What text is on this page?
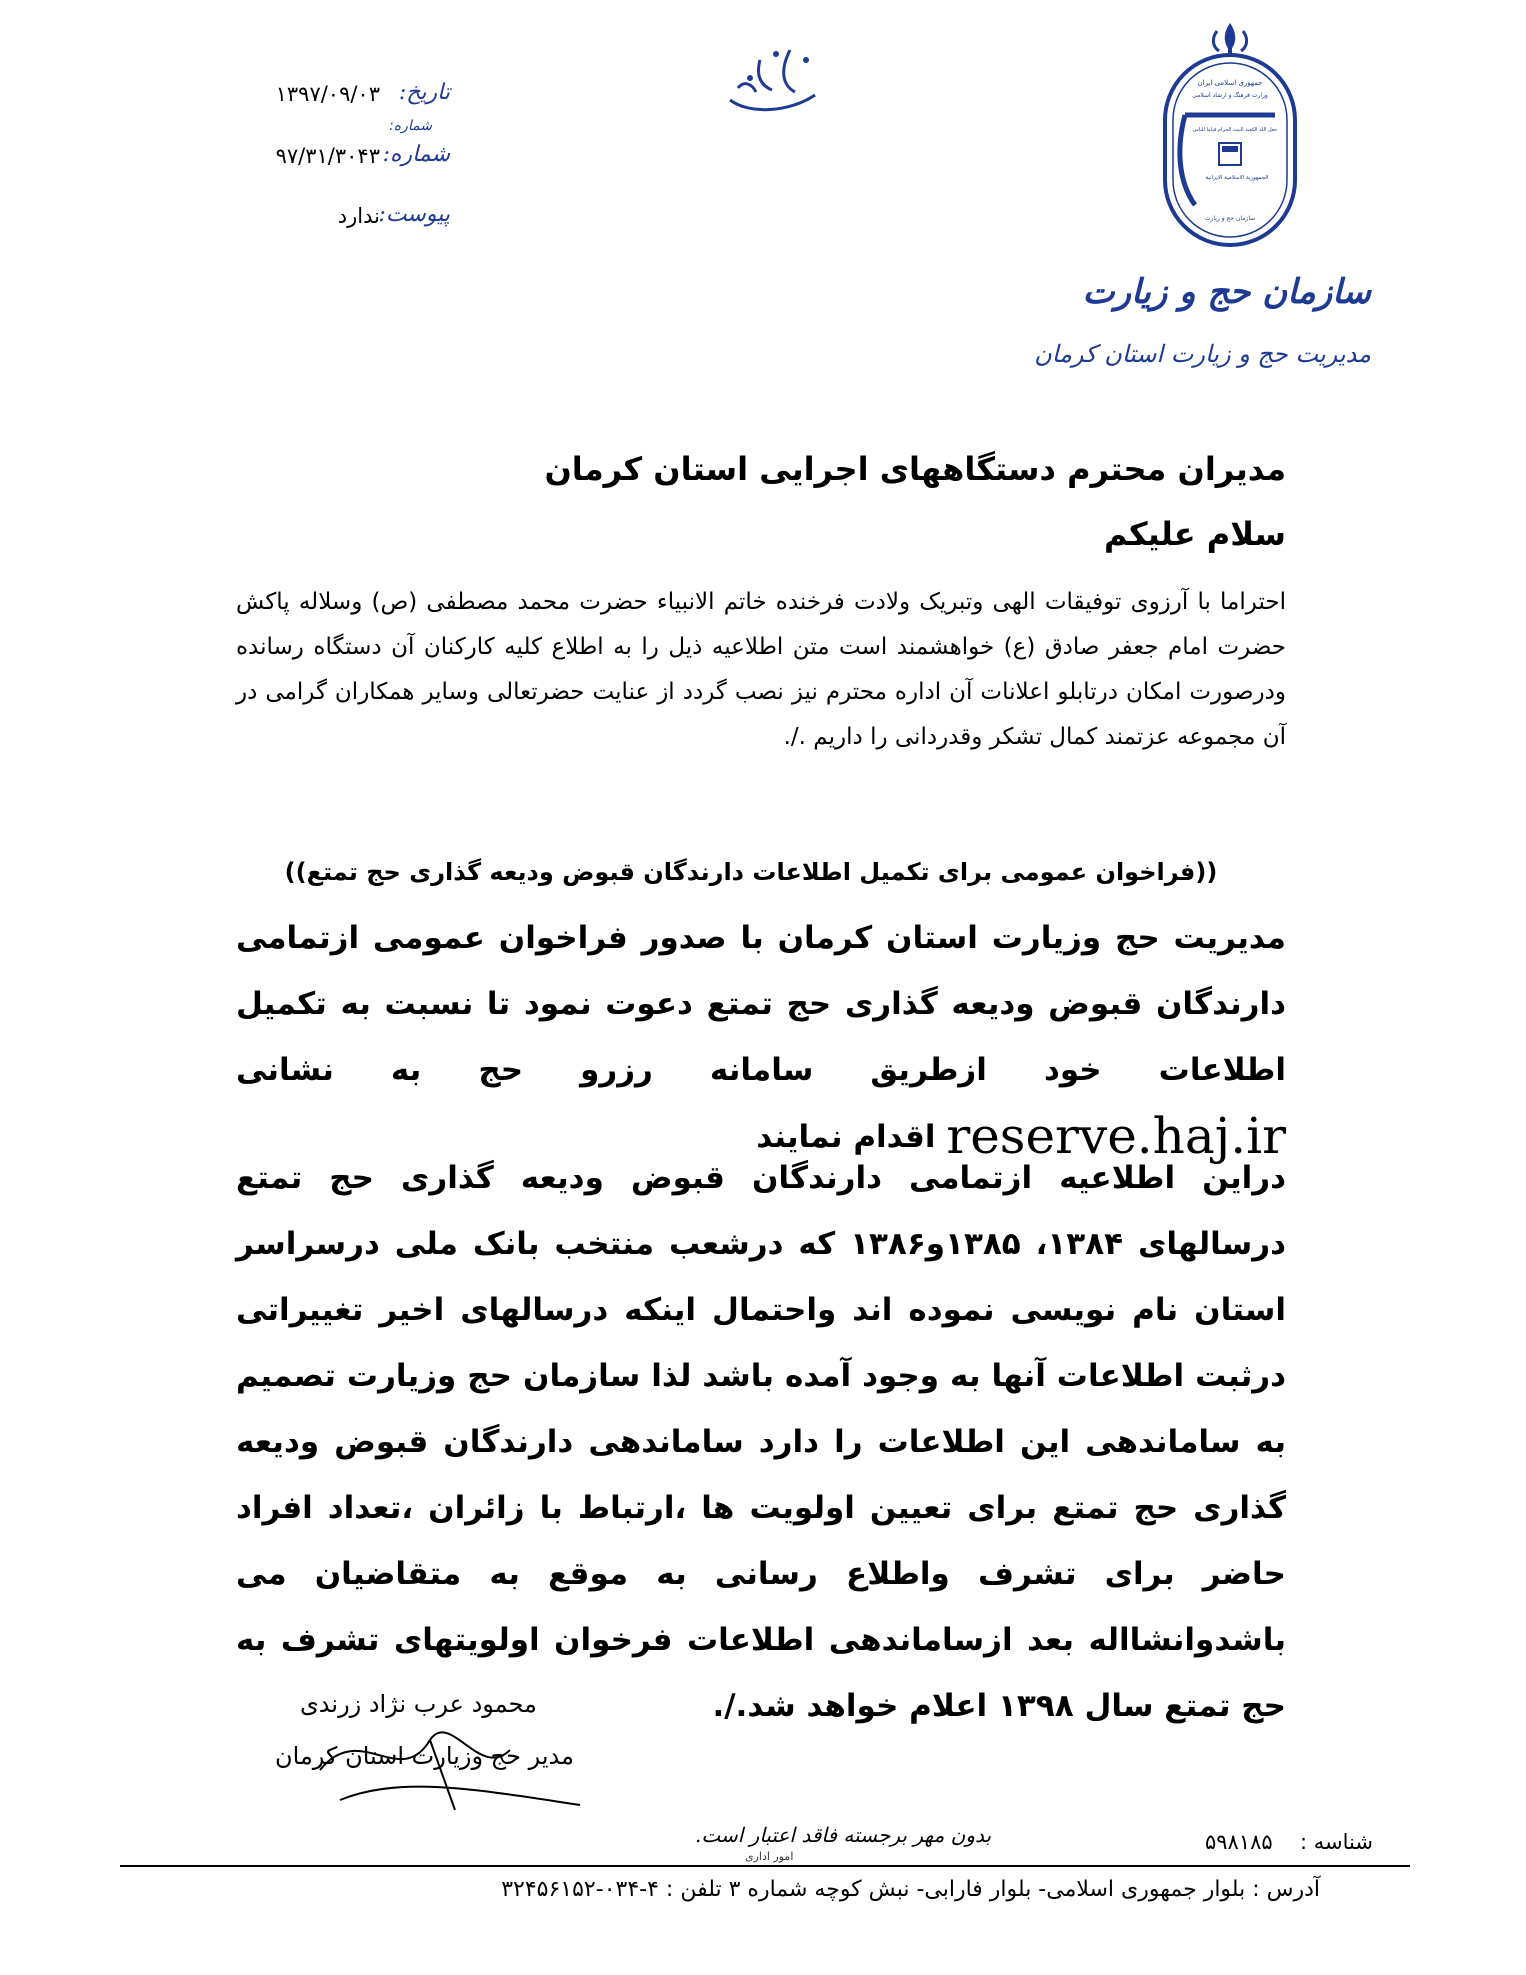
تاریخ:
شماره:
۱۳۹۷/۰۹/۰۳
شماره:
۹۷/۳۱/۳۰۴۳
پیوست:
ندارد
جمهوری اسلامی ایران
وزارت فرهنگ و ارشاد اسلامی
جعل الله الکعبة البیت الحرام قیاما للناس
الجمهوریة الاسلامیة الایرانیة
سازمان حج و زیارت
سازمان حج و زیارت
مدیریت حج و زیارت استان کرمان
مدیران محترم دستگاههای اجرایی استان کرمان
سلام علیکم
احتراما با آرزوی توفیقات الهی وتبریک ولادت فرخنده خاتم الانبیاء حضرت محمد مصطفی (ص) وسلاله پاکش حضرت امام جعفر صادق (ع) خواهشمند است متن اطلاعیه ذیل را به اطلاع کلیه کارکنان آن دستگاه رسانده ودرصورت امکان درتابلو اعلانات آن اداره محترم نیز نصب گردد از عنایت حضرتعالی وسایر همکاران گرامی در آن مجموعه عزتمند کمال تشکر وقدردانی را داریم ./.
((فراخوان عمومی برای تکمیل اطلاعات دارندگان قبوض ودیعه گذاری حج تمتع))
مدیریت حج وزیارت استان کرمان با صدور فراخوان عمومی ازتمامی دارندگان قبوض ودیعه گذاری حج تمتع دعوت نمود تا نسبت به تکمیل اطلاعات خود ازطریق سامانه رزرو حج به نشانی reserve.haj.ir اقدام نمایند
دراین اطلاعیه ازتمامی دارندگان قبوض ودیعه گذاری حج تمتع درسالهای ۱۳۸۴، ۱۳۸۵و۱۳۸۶ که درشعب منتخب بانک ملی درسراسر استان نام نویسی نموده اند واحتمال اینکه درسالهای اخیر تغییراتی درثبت اطلاعات آنها به وجود آمده باشد لذا سازمان حج وزیارت تصمیم به ساماندهی این اطلاعات را دارد ساماندهی دارندگان قبوض ودیعه گذاری حج تمتع برای تعیین اولویت ها ،ارتباط با زائران ،تعداد افراد حاضر برای تشرف واطلاع رسانی به موقع به متقاضیان می باشدوانشااله بعد ازساماندهی اطلاعات فرخوان اولویتهای تشرف به حج تمتع سال ۱۳۹۸ اعلام خواهد شد./.
محمود عرب نژاد زرندی
مدیر حج وزیارت استان کرمان
بدون مهر برجسته فاقد اعتبار است.
امور اداری
شناسه :
۵۹۸۱۸۵
آدرس : بلوار جمهوری اسلامی- بلوار فارابی- نبش کوچه شماره ۳ تلفن : ۴-۰۳۴-۳۲۴۵۶۱۵۲
